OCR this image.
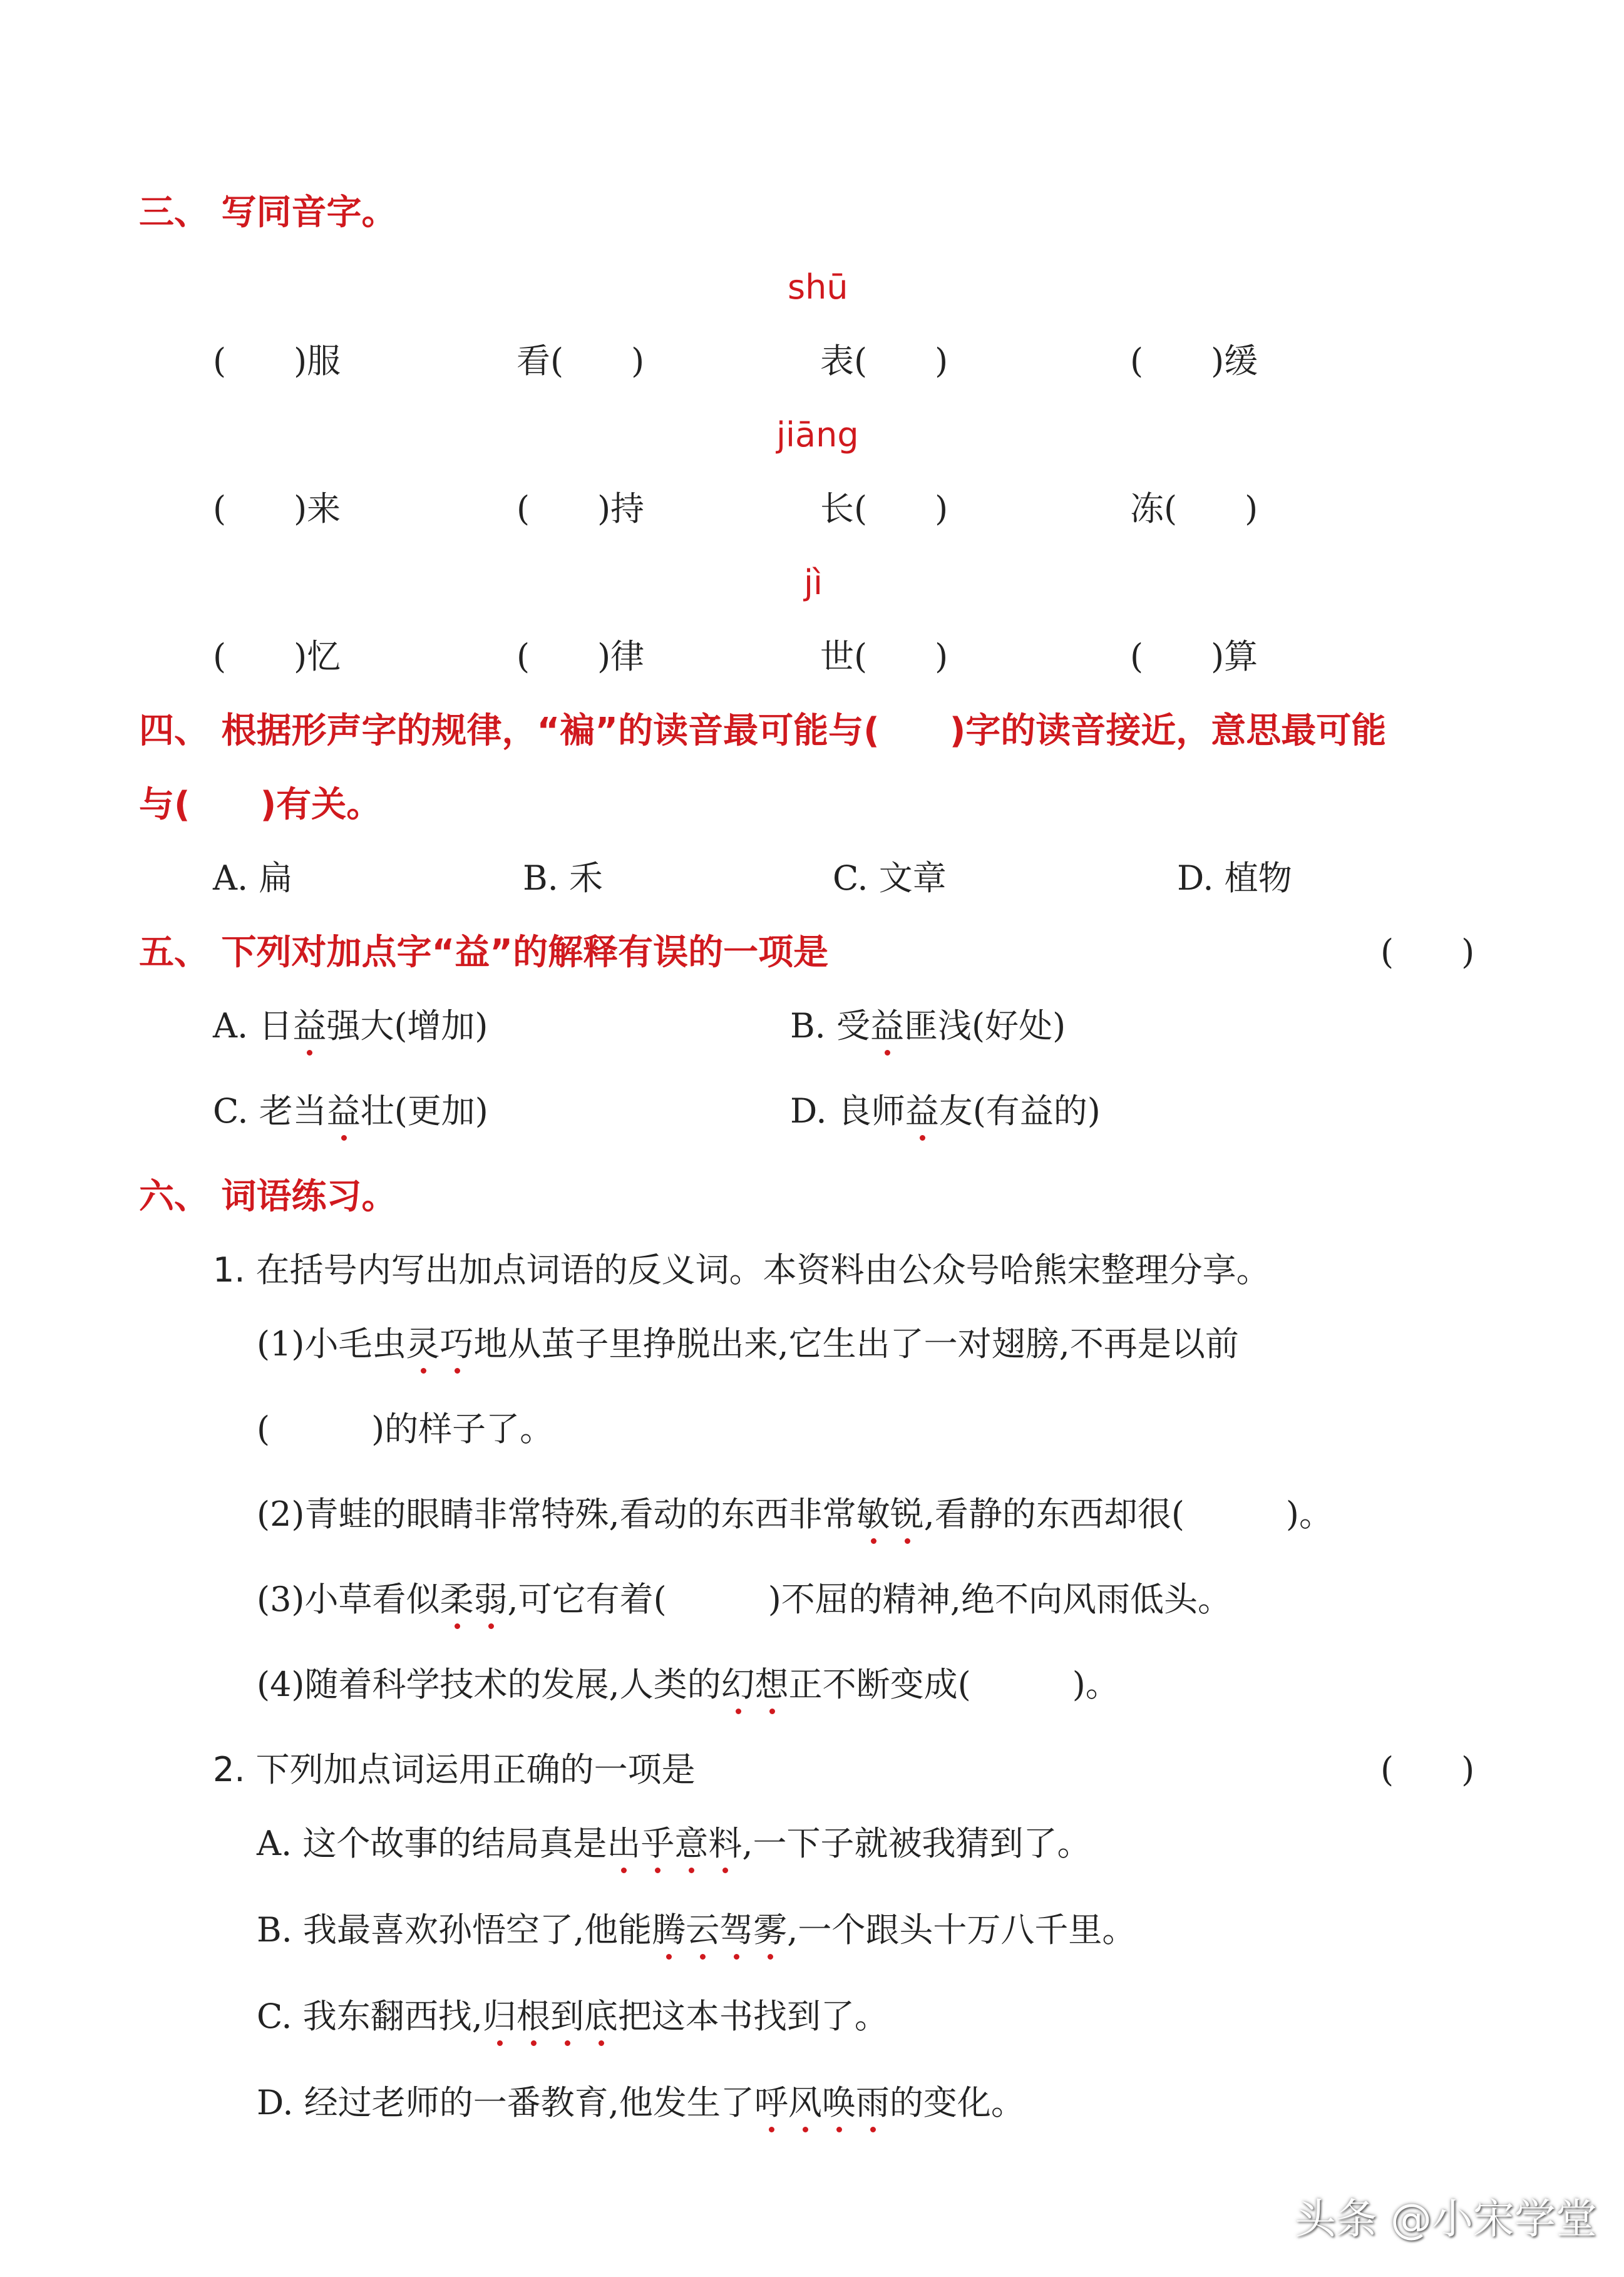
三、 写同音字。
shū
(　　)服	看(　　)	表(　　)	(　　)缓
jiāng
(　　)来	(　　)持	长(　　)	冻(　　)
jì
(　　)忆	(　　)律	世(　　)	(　　)算
四、 根据形声字的规律，“褊”的读音最可能与(　　)字的读音接近，意思最可能
与(　　)有关。
A. 扁	B. 禾	C. 文章	D. 植物
五、 下列对加点字“益”的解释有误的一项是	(　　)
A. 日益强大(增加)	B. 受益匪浅(好处)
C. 老当益壮(更加)	D. 良师益友(有益的)
六、 词语练习。
1. 在括号内写出加点词语的反义词。本资料由公众号哈熊宋整理分享。
(1)小毛虫灵巧地从茧子里挣脱出来,它生出了一对翅膀,不再是以前
(　　　)的样子了。
(2)青蛙的眼睛非常特殊,看动的东西非常敏锐,看静的东西却很(　　　)。
(3)小草看似柔弱,可它有着(　　　)不屈的精神,绝不向风雨低头。
(4)随着科学技术的发展,人类的幻想正不断变成(　　　)。
2. 下列加点词运用正确的一项是	(　　)
A. 这个故事的结局真是出乎意料,一下子就被我猜到了。
B. 我最喜欢孙悟空了,他能腾云驾雾,一个跟头十万八千里。
C. 我东翻西找,归根到底把这本书找到了。
D. 经过老师的一番教育,他发生了呼风唤雨的变化。
头条 @小宋学堂
